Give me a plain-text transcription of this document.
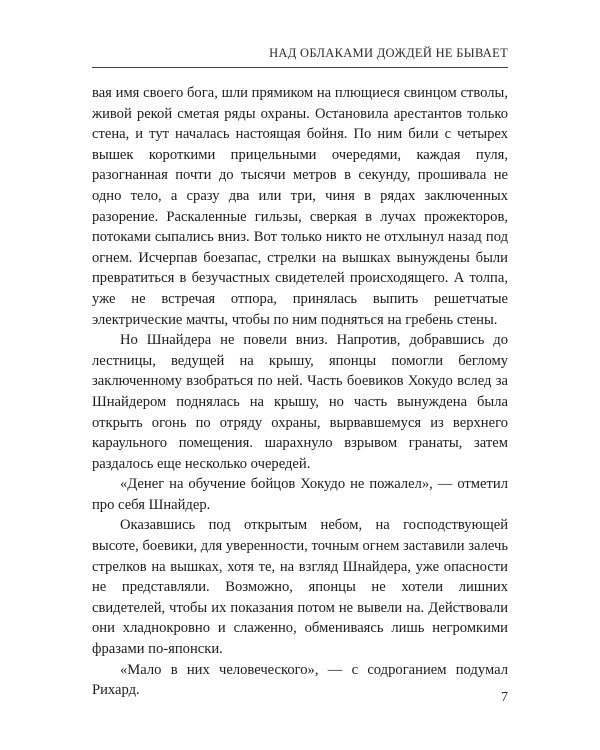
НАД ОБЛАКАМИ ДОЖДЕЙ НЕ БЫВАЕТ

вая имя своего бога, шли прямиком на плющиеся свинцом стволы, живой рекой сметая ряды охраны. Остановила арестантов только стена, и тут началась настоящая бойня. По ним били с четырех вышек короткими прицельными очередями, каждая пуля, разогнанная почти до тысячи метров в секунду, прошивала не одно тело, а сразу два или три, чиня в рядах заключенных разорение. Раскаленные гильзы, сверкая в лучах прожекторов, потоками сыпались вниз. Вот только никто не отхлынул назад под огнем. Исчерпав боезапас, стрелки на вышках вынуждены были превратиться в безучастных свидетелей происходящего. А толпа, уже не встречая отпора, принялась выпить решетчатые электрические мачты, чтобы по ним подняться на гребень стены.

Но Шнайдера не повели вниз. Напротив, добравшись до лестницы, ведущей на крышу, японцы помогли беглому заключенному взобраться по ней. Часть боевиков Хокудо вслед за Шнайдером поднялась на крышу, но часть вынуждена была открыть огонь по отряду охраны, вырвавшемуся из верхнего караульного помещения. шарахнуло взрывом гранаты, затем раздалось еще несколько очередей.

«Денег на обучение бойцов Хокудо не пожалел», — отметил про себя Шнайдер.

Оказавшись под открытым небом, на господствующей высоте, боевики, для уверенности, точным огнем заставили залечь стрелков на вышках, хотя те, на взгляд Шнайдера, уже опасности не представляли. Возможно, японцы не хотели лишних свидетелей, чтобы их показания потом не вывели на. Действовали они хладнокровно и слаженно, обмениваясь лишь негромкими фразами по-японски.

«Мало в них человеческого», — с содроганием подумал Рихард.	7
